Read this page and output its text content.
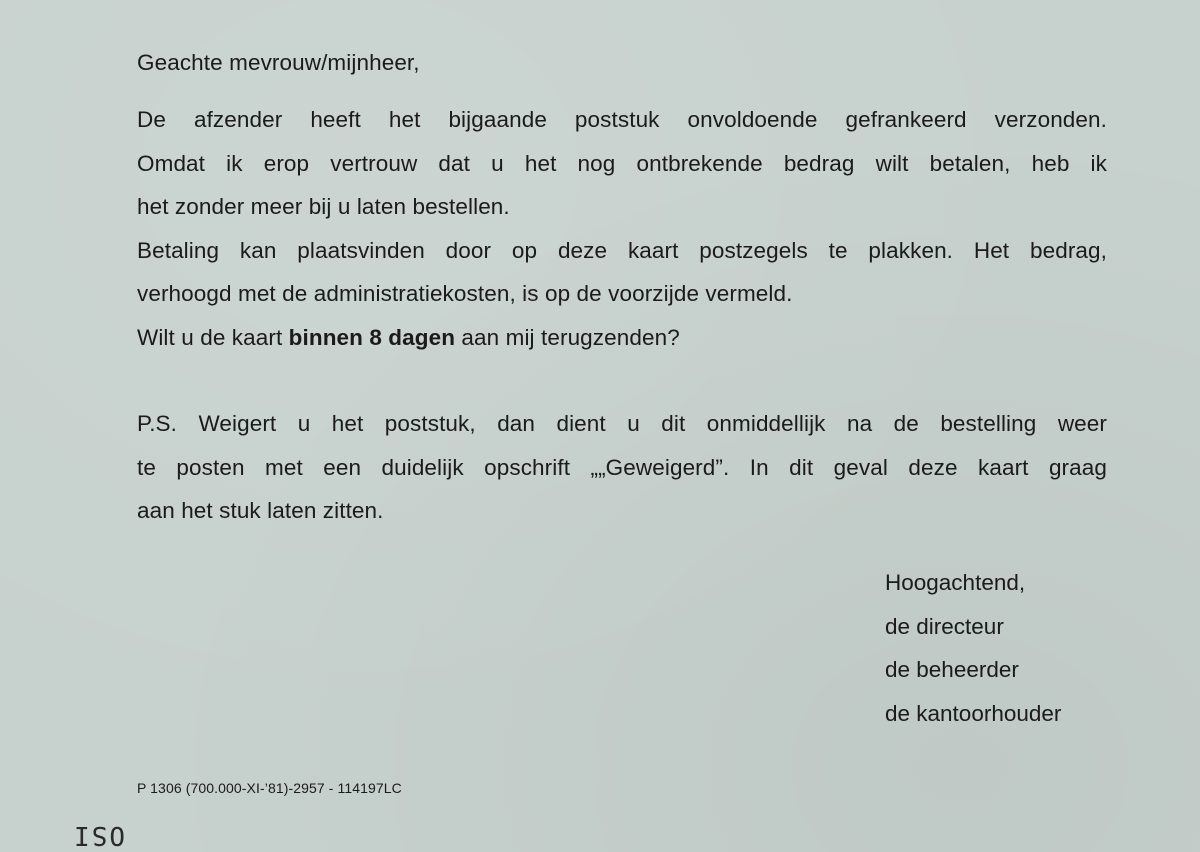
Geachte mevrouw/mijnheer,
De afzender heeft het bijgaande poststuk onvoldoende gefrankeerd verzonden.
Omdat ik erop vertrouw dat u het nog ontbrekende bedrag wilt betalen, heb ik
het zonder meer bij u laten bestellen.
Betaling kan plaatsvinden door op deze kaart postzegels te plakken. Het bedrag,
verhoogd met de administratiekosten, is op de voorzijde vermeld.
Wilt u de kaart binnen 8 dagen aan mij terugzenden?
P.S. Weigert u het poststuk, dan dient u dit onmiddellijk na de bestelling weer
te posten met een duidelijk opschrift „„Geweigerd”. In dit geval deze kaart graag
aan het stuk laten zitten.
Hoogachtend,
de directeur
de beheerder
de kantoorhouder
P 1306 (700.000-XI-’81)-2957 - 114197LC
OSI
